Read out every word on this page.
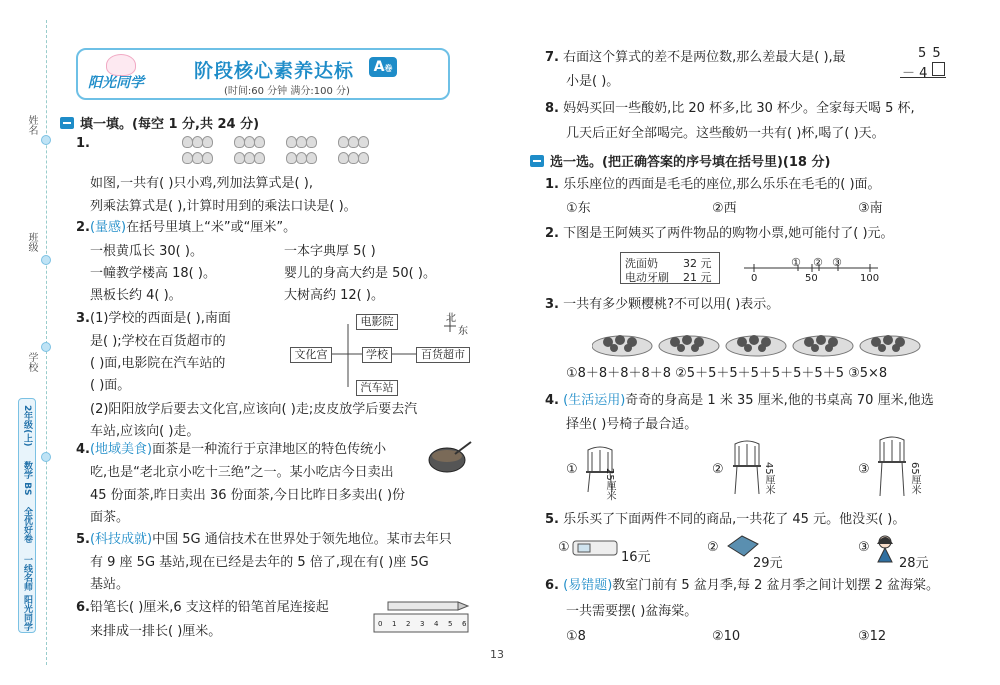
姓名
班级
学校
2年级(上)
数学 BS
全优好卷
一线名师
阳光同学
阳光同学
阶段核心素养达标	A卷
(时间:60 分钟 满分:100 分)
填一填。(每空 1 分,共 24 分)
1.
如图,一共有( )只小鸡,列加法算式是( ),
列乘法算式是( ),计算时用到的乘法口诀是( )。
2.(量感)在括号里填上“米”或“厘米”。
一根黄瓜长 30( )。	一本字典厚 5( )
一幢教学楼高 18( )。	婴儿的身高大约是 50( )。
黑板长约 4( )。	大树高约 12( )。
3. (1)学校的西面是( ),南面
是( );学校在百货超市的
( )面,电影院在汽车站的
( )面。
(2)阳阳放学后要去文化宫,应该向( )走;皮皮放学后要去汽
车站,应该向( )走。
电影院
文化宫	学校	百货超市
汽车站
北
东
4.(地域美食)面茶是一种流行于京津地区的特色传统小
吃,也是“老北京小吃十三绝”之一。某小吃店今日卖出
45 份面茶,昨日卖出 36 份面茶,今日比昨日多卖出( )份
面茶。
5.(科技成就)中国 5G 通信技术在世界处于领先地位。某市去年只
有 9 座 5G 基站,现在已经是去年的 5 倍了,现在有( )座 5G
基站。
6. 铅笔长( )厘米,6 支这样的铅笔首尾连接起
来排成一排长( )厘米。	0 1 2 3 4 5 6
7. 右面这个算式的差不是两位数,那么差最大是( ),最
小是( )。
5 5
－ 4
8. 妈妈买回一些酸奶,比 20 杯多,比 30 杯少。全家每天喝 5 杯,
几天后正好全部喝完。这些酸奶一共有( )杯,喝了( )天。
选一选。(把正确答案的序号填在括号里)(18 分)
1. 乐乐座位的西面是毛毛的座位,那么乐乐在毛毛的( )面。
①东	②西	③南
2. 下图是王阿姨买了两件物品的购物小票,她可能付了( )元。
洗面奶 32 元
电动牙刷 21 元
① ② ③
0	50	100
3. 一共有多少颗樱桃?不可以用( )表示。
①8＋8＋8＋8＋8 ②5＋5＋5＋5＋5＋5＋5＋5 ③5×8
4. (生活运用)奇奇的身高是 1 米 35 厘米,他的书桌高 70 厘米,他选
择坐( )号椅子最合适。
①	②	③
25厘米	45厘米	65厘米
5. 乐乐买了下面两件不同的商品,一共花了 45 元。他没买( )。
①
16元
②
29元
③
28元
6. (易错题)教室门前有 5 盆月季,每 2 盆月季之间计划摆 2 盆海棠。
一共需要摆( )盆海棠。
①8	②10	③12
13
